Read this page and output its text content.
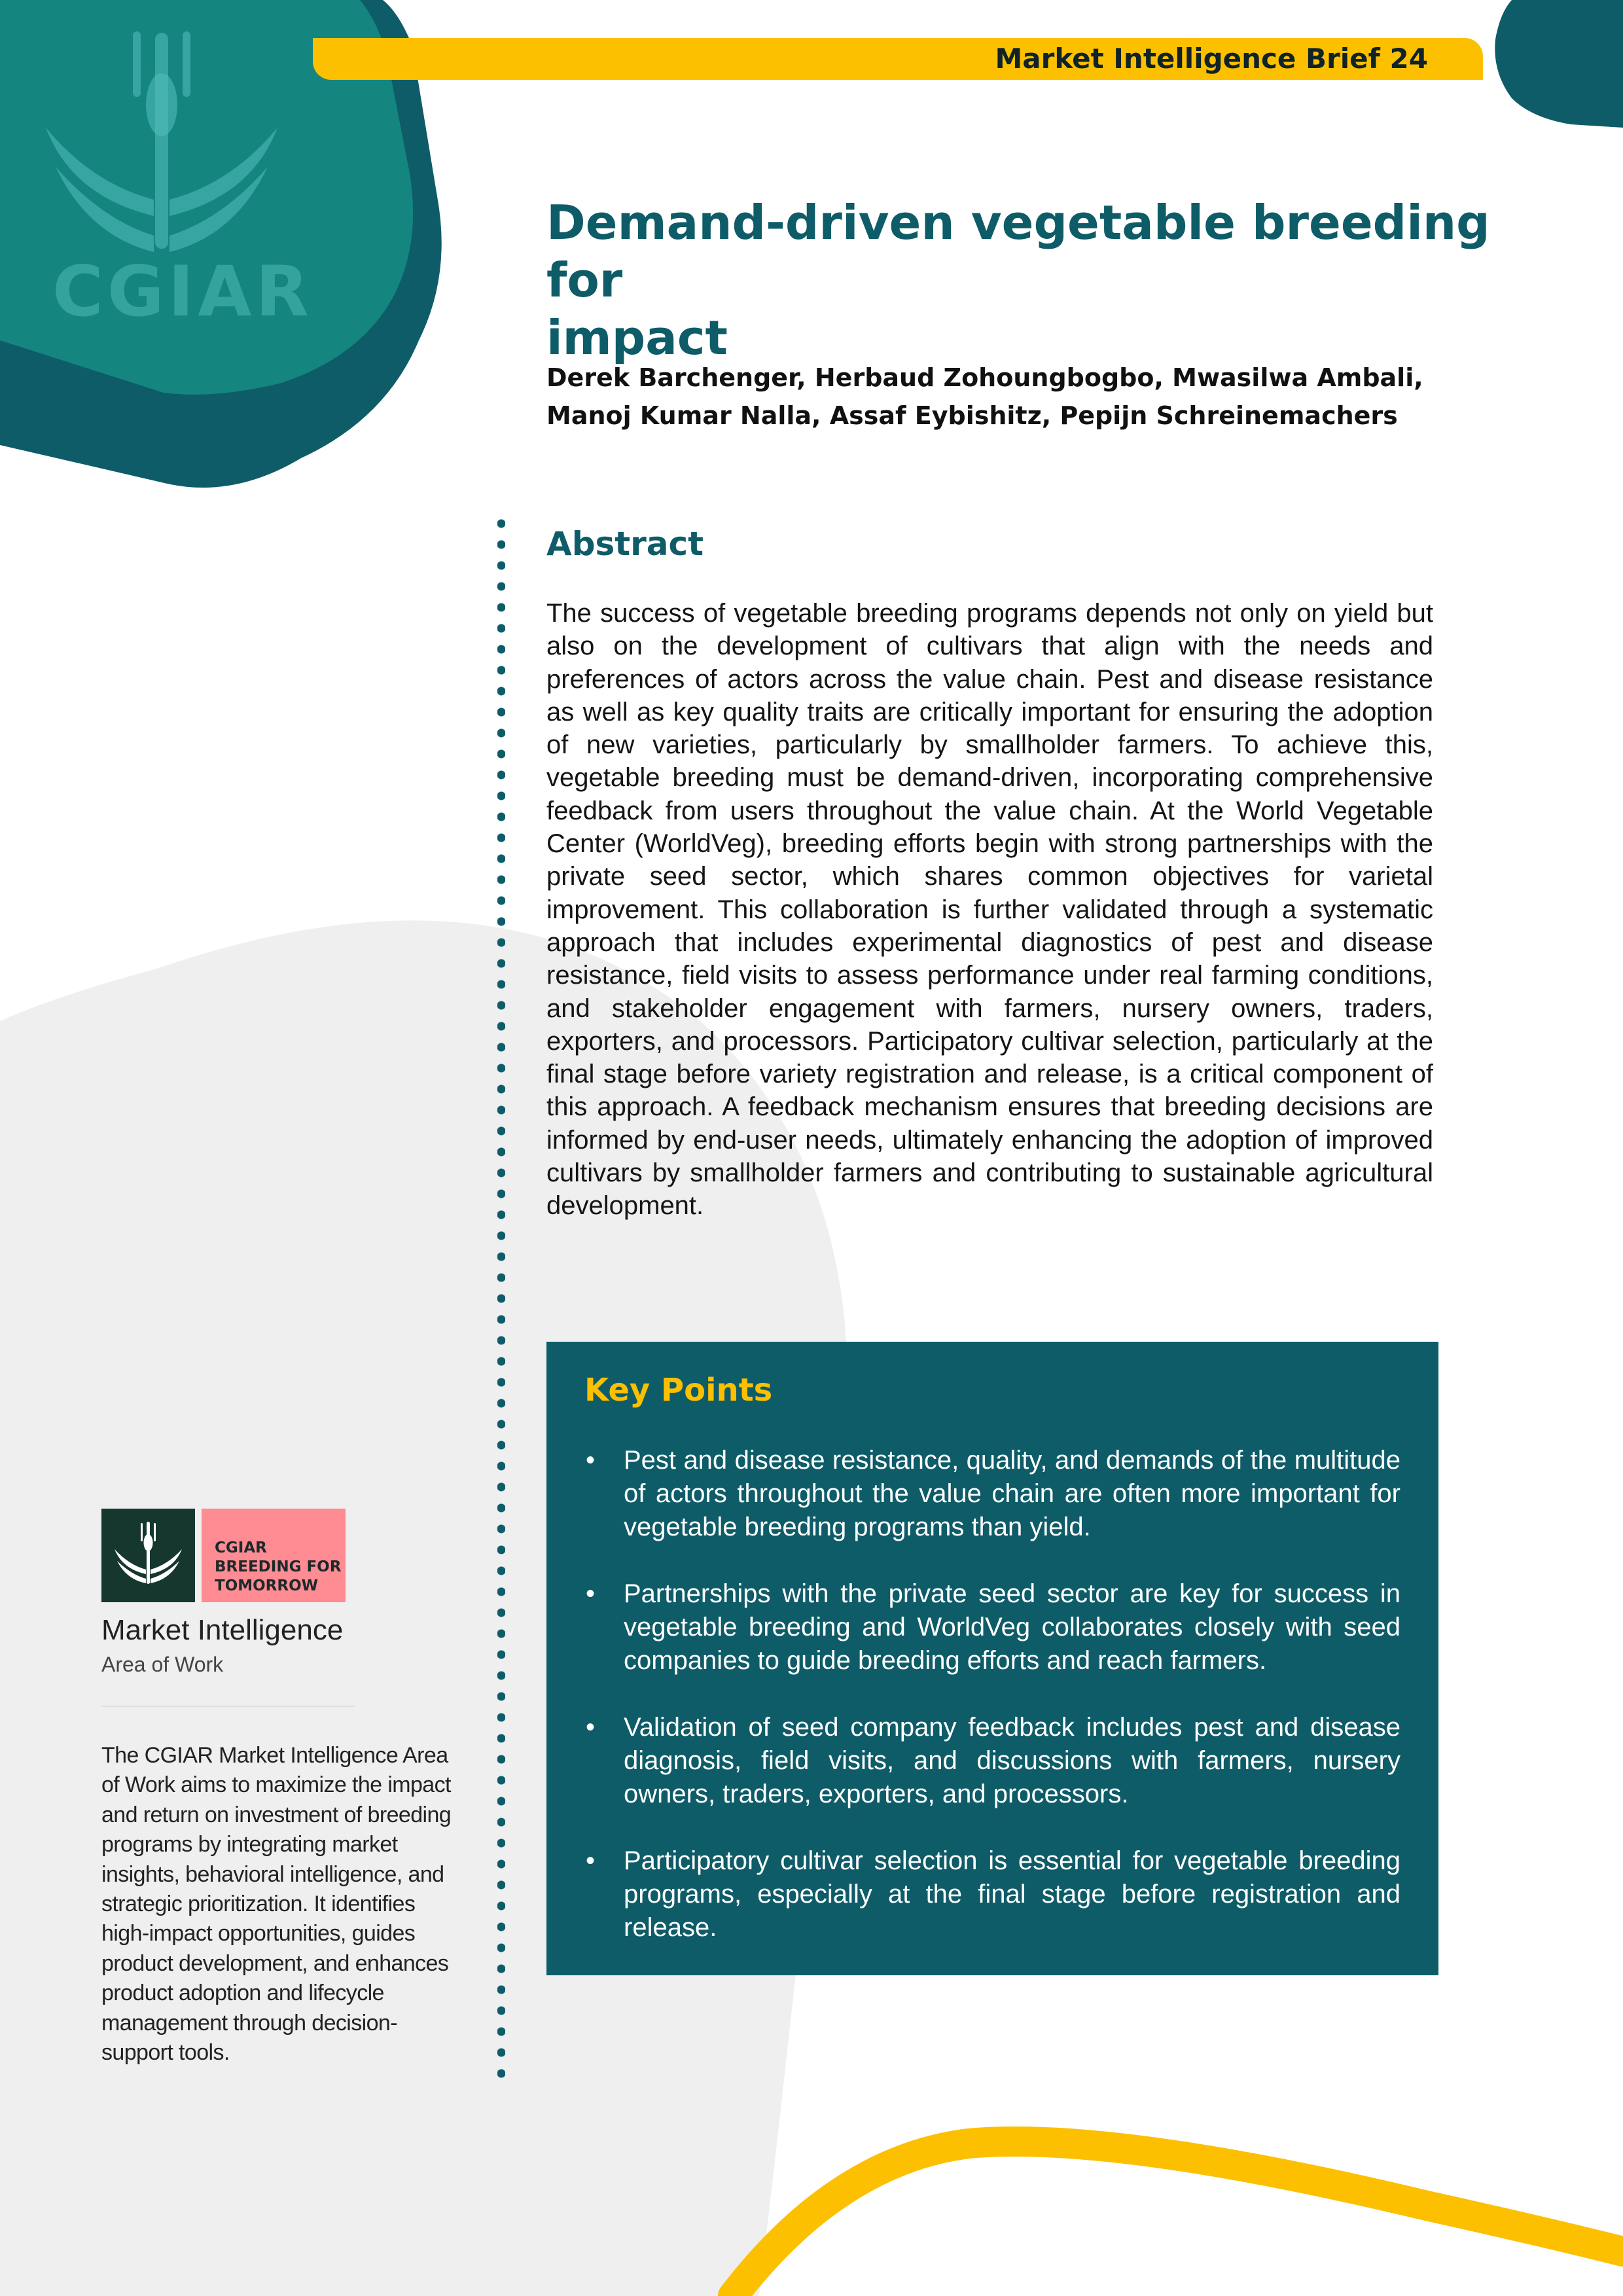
CGIAR
Market Intelligence Brief 24
Demand-driven vegetable breeding for
impact

Derek Barchenger, Herbaud Zohoungbogbo, Mwasilwa Ambali,
Manoj Kumar Nalla, Assaf Eybishitz, Pepijn Schreinemachers

Abstract

The success of vegetable breeding programs depends not only on yield but also on the development of cultivars that align with the needs and preferences of actors across the value chain. Pest and disease resistance as well as key quality traits are critically important for ensuring the adoption of new varieties, particularly by smallholder farmers. To achieve this, vegetable breeding must be demand-driven, incorporating comprehensive feedback from users throughout the value chain. At the World Vegetable Center (WorldVeg), breeding efforts begin with strong partnerships with the private seed sector, which shares common objectives for varietal improvement. This collaboration is further validated through a systematic approach that includes experimental diagnostics of pest and disease resistance, field visits to assess performance under real farming conditions, and stakeholder engagement with farmers, nursery owners, traders, exporters, and processors. Participatory cultivar selection, particularly at the final stage before variety registration and release, is a critical component of this approach. A feedback mechanism ensures that breeding decisions are informed by end-user needs, ultimately enhancing the adoption of improved cultivars by smallholder farmers and contributing to sustainable agricultural development.

Key Points
• Pest and disease resistance, quality, and demands of the multitude of actors throughout the value chain are often more important for vegetable breeding programs than yield.
• Partnerships with the private seed sector are key for success in vegetable breeding and WorldVeg collaborates closely with seed companies to guide breeding efforts and reach farmers.
• Validation of seed company feedback includes pest and disease diagnosis, field visits, and discussions with farmers, nursery owners, traders, exporters, and processors.
• Participatory cultivar selection is essential for vegetable breeding programs, especially at the final stage before registration and release.
CGIAR
BREEDING FOR
TOMORROW

Market Intelligence

Area of Work

The CGIAR Market Intelligence Area of Work aims to maximize the impact and return on investment of breeding programs by integrating market insights, behavioral intelligence, and strategic prioritization. It identifies high-impact opportunities, guides product development, and enhances product adoption and lifecycle management through decision-support tools.
